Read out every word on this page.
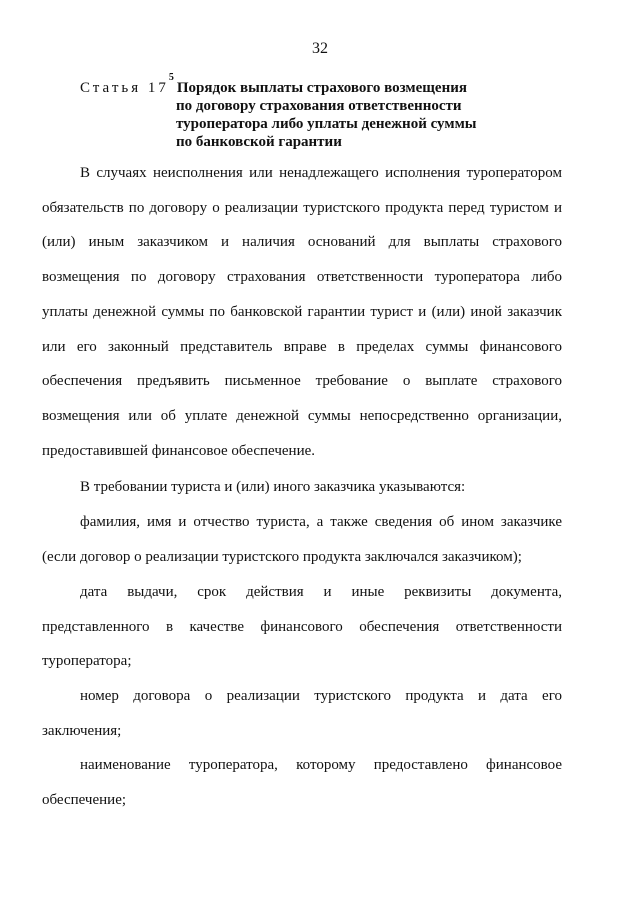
32
Статья $17^5Порядок$ выплаты страхового возмещения
по договору страхования ответственности
туроператора либо уплаты денежной суммы
по банковской гарантии
В случаях неисполнения или ненадлежащего исполнения туроператором
обязательств по договору о реализации туристского продукта перед туристом и
(или) иным заказчиком и наличия оснований для выплаты страхового
возмещения по договору страхования ответственности туроператора либо
уплаты денежной суммы по банковской гарантии турист и (или) иной заказчик
или его законный представитель вправе в пределах суммы финансового
обеспечения предъявить письменное требование о выплате страхового
возмещения или об уплате денежной суммы непосредственно организации,
предоставившей финансовое обеспечение.
В требовании туриста и (или) иного заказчика указываются:
фамилия, имя и отчество туриста, а также сведения об ином заказчике
(если договор о реализации туристского продукта заключался заказчиком);
дата выдачи, срок действия и иные реквизиты документа,
представленного в качестве финансового обеспечения ответственности
туроператора;
номер договора о реализации туристского продукта и дата его
заключения;
наименование туроператора, которому предоставлено финансовое
обеспечение;
